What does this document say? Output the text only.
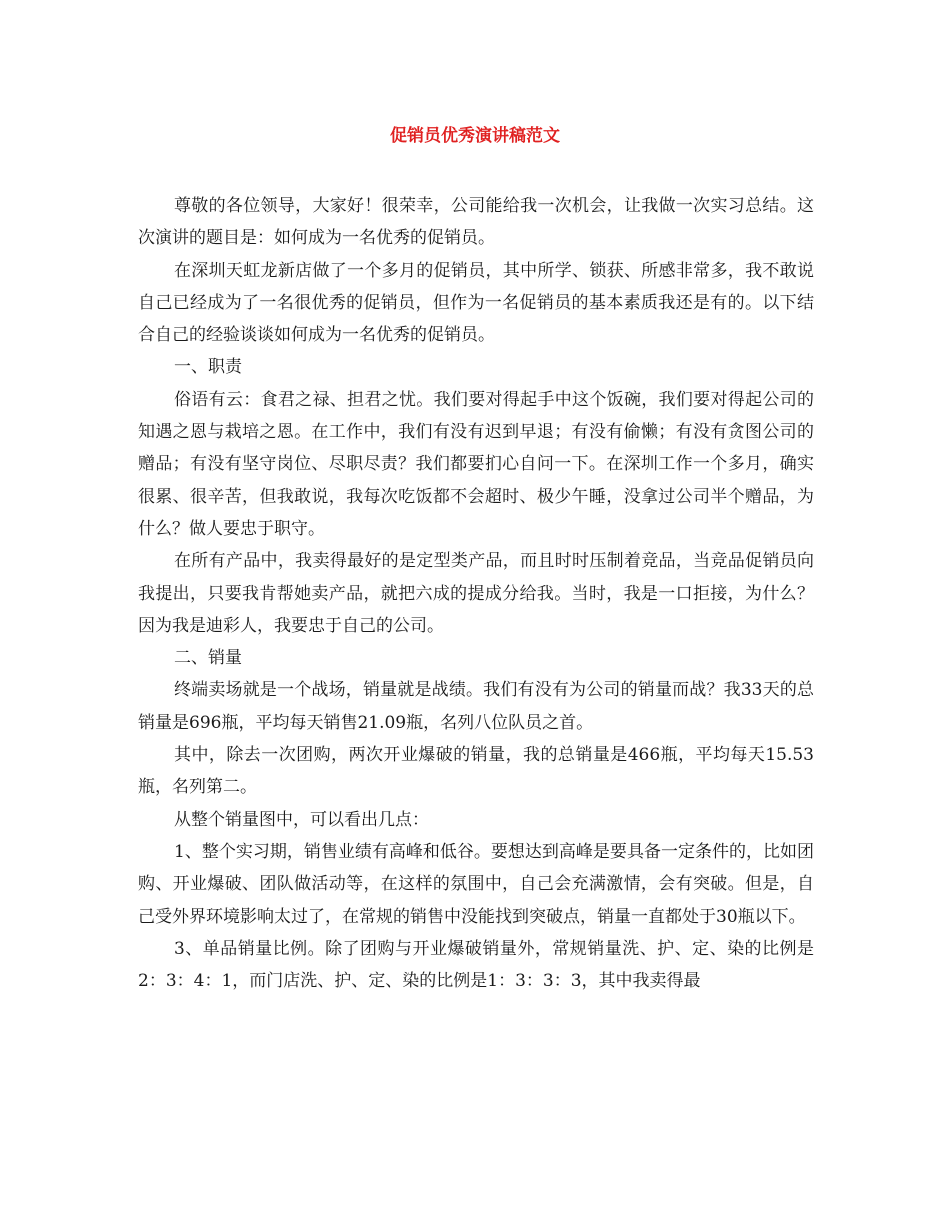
促销员优秀演讲稿范文

尊敬的各位领导，大家好！很荣幸，公司能给我一次机会，让我做一次实习总结。这次演讲的题目是：如何成为一名优秀的促销员。

在深圳天虹龙新店做了一个多月的促销员，其中所学、锁获、所感非常多，我不敢说自己已经成为了一名很优秀的促销员，但作为一名促销员的基本素质我还是有的。以下结合自己的经验谈谈如何成为一名优秀的促销员。

一、职责

俗语有云：食君之禄、担君之忧。我们要对得起手中这个饭碗，我们要对得起公司的知遇之恩与栽培之恩。在工作中，我们有没有迟到早退；有没有偷懒；有没有贪图公司的赠品；有没有坚守岗位、尽职尽责？我们都要扪心自问一下。在深圳工作一个多月，确实很累、很辛苦，但我敢说，我每次吃饭都不会超时、极少午睡，没拿过公司半个赠品，为什么？做人要忠于职守。

在所有产品中，我卖得最好的是定型类产品，而且时时压制着竞品，当竞品促销员向我提出，只要我肯帮她卖产品，就把六成的提成分给我。当时，我是一口拒接，为什么？因为我是迪彩人，我要忠于自己的公司。

二、销量

终端卖场就是一个战场，销量就是战绩。我们有没有为公司的销量而战？我33天的总销量是696瓶，平均每天销售21.09瓶，名列八位队员之首。

其中，除去一次团购，两次开业爆破的销量，我的总销量是466瓶，平均每天15.53瓶，名列第二。

从整个销量图中，可以看出几点：

1、整个实习期，销售业绩有高峰和低谷。要想达到高峰是要具备一定条件的，比如团购、开业爆破、团队做活动等，在这样的氛围中，自己会充满激情，会有突破。但是，自己受外界环境影响太过了，在常规的销售中没能找到突破点，销量一直都处于30瓶以下。

3、单品销量比例。除了团购与开业爆破销量外，常规销量洗、护、定、染的比例是2：3：4：1，而门店洗、护、定、染的比例是1：3：3：3，其中我卖得最
